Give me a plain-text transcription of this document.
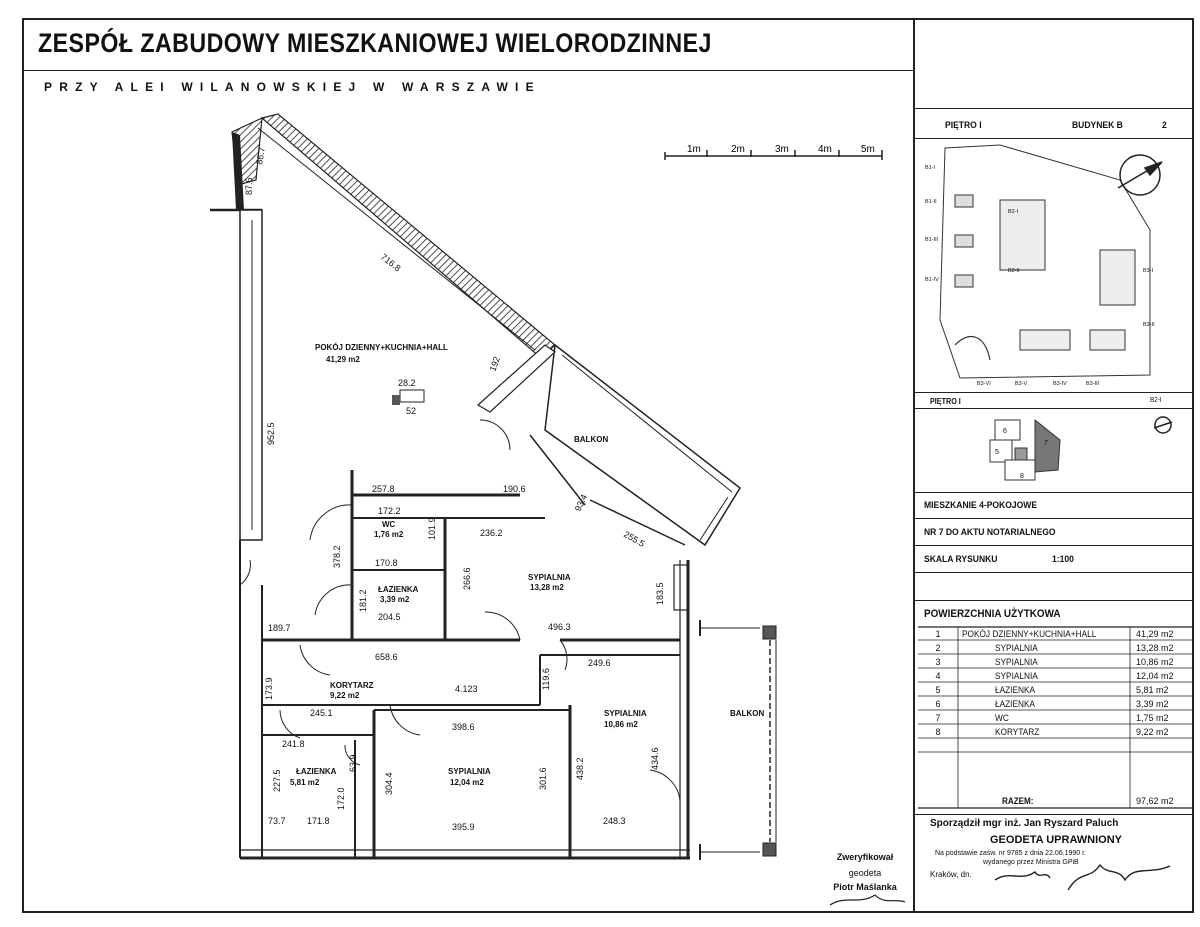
ZESPÓŁ ZABUDOWY MIESZKANIOWEJ WIELORODZINNEJ
PRZY ALEI WILANOWSKIEJ W WARSZAWIE
1m	2m	3m	4m	5m
POKÓJ DZIENNY+KUCHNIA+HALL
41,29 m2
WC
1,76 m2
ŁAZIENKA
3,39 m2
SYPIALNIA
13,28 m2
KORYTARZ
9,22 m2
SYPIALNIA
10,86 m2
SYPIALNIA
12,04 m2
ŁAZIENKA
5,81 m2
BALKON
BALKON
716.8
87.6
86.7
952.5
28.2
52
192
257.8	190.6
172.2
101.9	236.2
93.4
255.5
170.8
378.2
181.2
266.6
183.5
204.5
496.3
189.7
658.6
249.6
173.9	4.123	119.6
245.1
398.6
438.2	434.6
241.8
227.5
63.9
304.4	301.6
172.0
73.7 171.8
395.9
248.3
B1-I
B1-II
B1-III
B1-IV
B2-I
B2-II	B3-I
B3-II
B3-VI	B3-V	B3-IV	B3-III
6
7
5
8
PIĘTRO I	BUDYNEK B	2
PIĘTRO I	B2-I
MIESZKANIE 4-POKOJOWE
NR 7 DO AKTU NOTARIALNEGO
SKALA RYSUNKU	1:100
POWIERZCHNIA UŻYTKOWA
1	POKÓJ DZIENNY+KUCHNIA+HALL	41,29 m2
2	SYPIALNIA	13,28 m2
3	SYPIALNIA	10,86 m2
4	SYPIALNIA	12,04 m2
5	ŁAZIENKA	5,81 m2
6	ŁAZIENKA	3,39 m2
7	WC	1,75 m2
8	KORYTARZ	9,22 m2
RAZEM:	97,62 m2
Sporządził mgr inż. Jan Ryszard Paluch
GEODETA UPRAWNIONY
Na podstawie zaśw. nr 9785 z dnia 22.06.1990 r.
wydanego przez Ministra GPiB
Kraków, dn.
Zweryfikował
geodeta
Piotr Maślanka
